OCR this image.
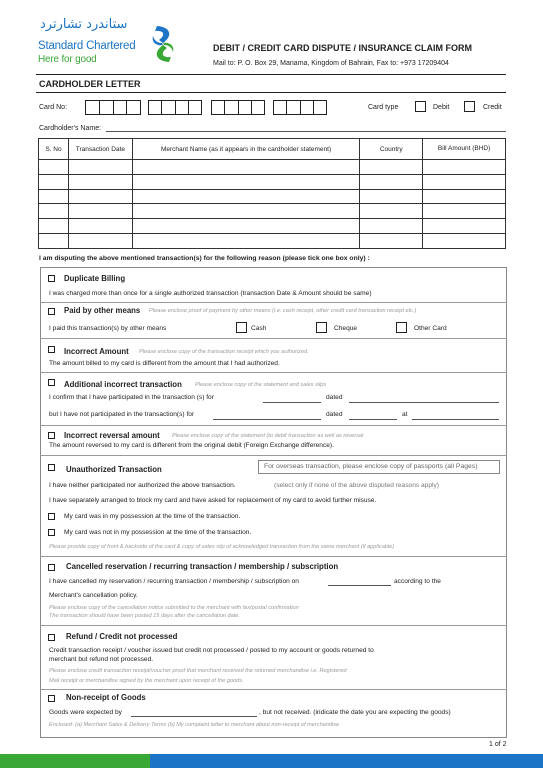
ستاندرد تشارترد
Standard Chartered
Here for good
DEBIT / CREDIT CARD DISPUTE / INSURANCE CLAIM FORM
Mail to: P. O. Box 29, Manama, Kingdom of Bahrain, Fax to: +973 17209404
CARDHOLDER LETTER
Card No:	Card type	Debit	Credit
Cardholder's Name:
S. No	Transaction Date	Merchant Name (as it appears in the cardholder statement)	Country	Bill Amount (BHD)

I am disputing the above mentioned transaction(s) for the following reason (please tick one box only) :
Duplicate Billing
I was charged more than once for a single authorized transaction (transaction Date & Amount should be same)
Paid by other means Please enclose proof of payment by other means (i.e. cash receipt, other credit card transaction receipt etc.)
I paid this transaction(s) by other means	Cash	Cheque	Other Card
Incorrect Amount Please enclose copy of the transaction receipt which you authorized.
The amount billed to my card is different from the amount that I had authorized.
Additional incorrect transaction Please enclose copy of the statement and sales slips
I confirm that I have participated in the transaction (s) for	dated
but I have not participated in the transaction(s) for	dated	at
Incorrect reversal amount Please enclose copy of the statement (to debit transaction as well as reversal
The amount reversed to my card is different from the original debit (Foreign Exchange difference).
Unauthorized Transaction	For overseas transaction, please enclose copy of passports (all Pages)
I have neither participated nor authorized the above transaction.	(select only if none of the above disputed reasons apply)
I have separately arranged to block my card and have asked for replacement of my card to avoid further misuse.
My card was in my possession at the time of the transaction.
My card was not in my possession at the time of the transaction.
Please provide copy of front & backside of the card & copy of sales slip of acknowledged transaction from the same merchant (if applicable)
Cancelled reservation / recurring transaction / membership / subscription
I have cancelled my reservation / recurring transaction / membership / subscription on	according to the
Merchant's cancellation policy.
Please enclose copy of the cancellation notice submitted to the merchant with fax/postal confirmation
The transaction should have been posted 15 days after the cancellation date.
Refund / Credit not processed
Credit transaction receipt / voucher issued but credit not processed / posted to my account or goods returned to
merchant but refund not processed.
Please enclose credit transaction receipt/voucher proof that merchant received the returned merchandise i.e. Registered
Mail receipt or merchandise signed by the merchant upon receipt of the goods.
Non-receipt of Goods
Goods were expected by	, but not received. (indicate the date you are expecting the goods)
Enclosed: (a) Merchant Sales & Delivery Terms (b) My complaint letter to merchant about non-receipt of merchandise
1 of 2
